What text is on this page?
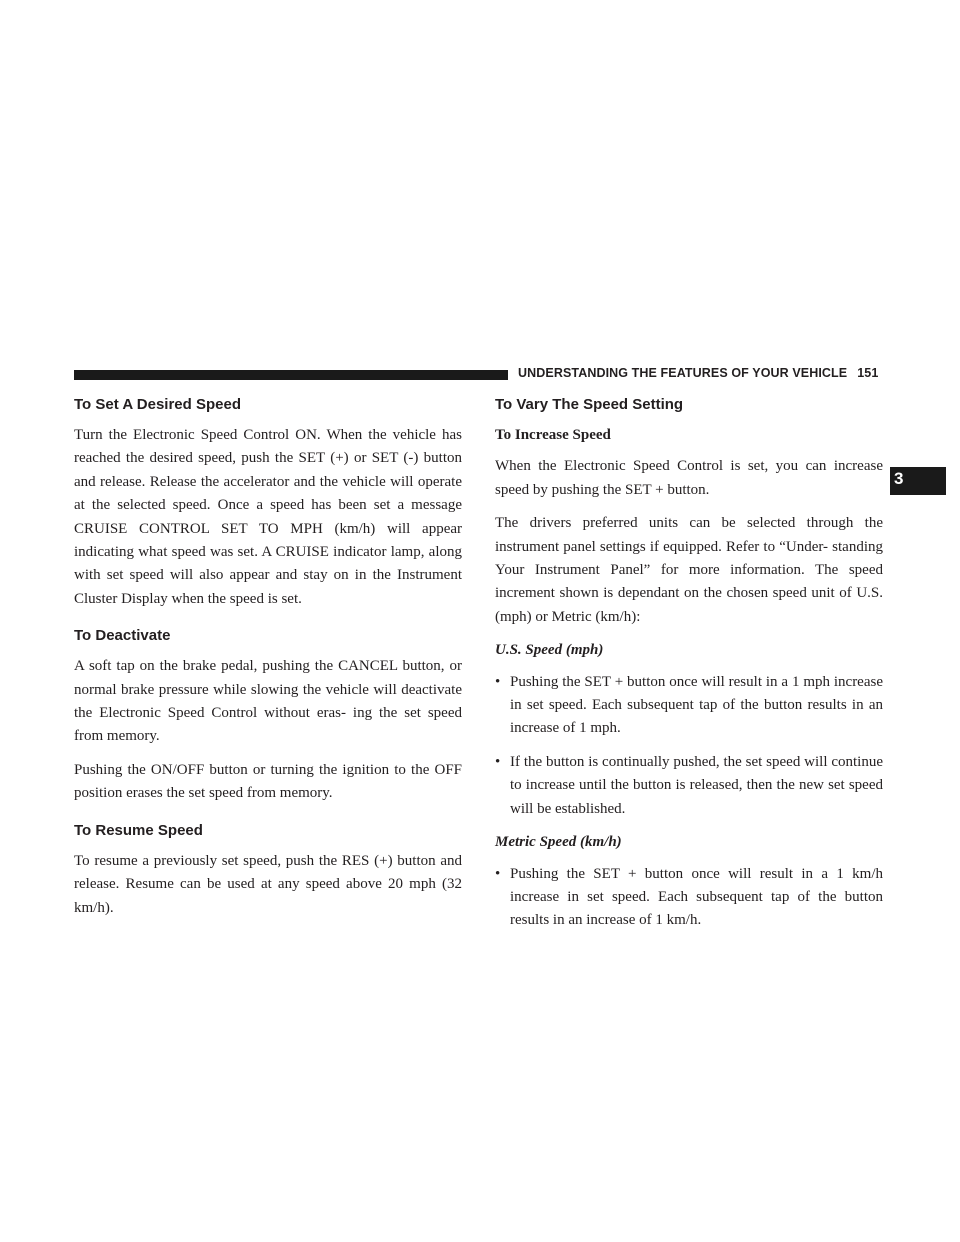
UNDERSTANDING THE FEATURES OF YOUR VEHICLE 151
3
To Set A Desired Speed

Turn the Electronic Speed Control ON. When the vehicle has reached the desired speed, push the SET (+) or SET (-) button and release. Release the accelerator and the vehicle will operate at the selected speed. Once a speed has been set a message CRUISE CONTROL SET TO MPH (km/h) will appear indicating what speed was set. A CRUISE indicator lamp, along with set speed will also appear and stay on in the Instrument Cluster Display when the speed is set.

To Deactivate

A soft tap on the brake pedal, pushing the CANCEL button, or normal brake pressure while slowing the vehicle will deactivate the Electronic Speed Control without eras- ing the set speed from memory.

Pushing the ON/OFF button or turning the ignition to the OFF position erases the set speed from memory.

To Resume Speed

To resume a previously set speed, push the RES (+) button and release. Resume can be used at any speed above 20 mph (32 km/h).

To Vary The Speed Setting

To Increase Speed

When the Electronic Speed Control is set, you can increase speed by pushing the SET + button.

The drivers preferred units can be selected through the instrument panel settings if equipped. Refer to “Under- standing Your Instrument Panel” for more information. The speed increment shown is dependant on the chosen speed unit of U.S. (mph) or Metric (km/h):

U.S. Speed (mph)

• Pushing the SET + button once will result in a 1 mph increase in set speed. Each subsequent tap of the button results in an increase of 1 mph.
• If the button is continually pushed, the set speed will continue to increase until the button is released, then the new set speed will be established.

Metric Speed (km/h)

• Pushing the SET + button once will result in a 1 km/h increase in set speed. Each subsequent tap of the button results in an increase of 1 km/h.
